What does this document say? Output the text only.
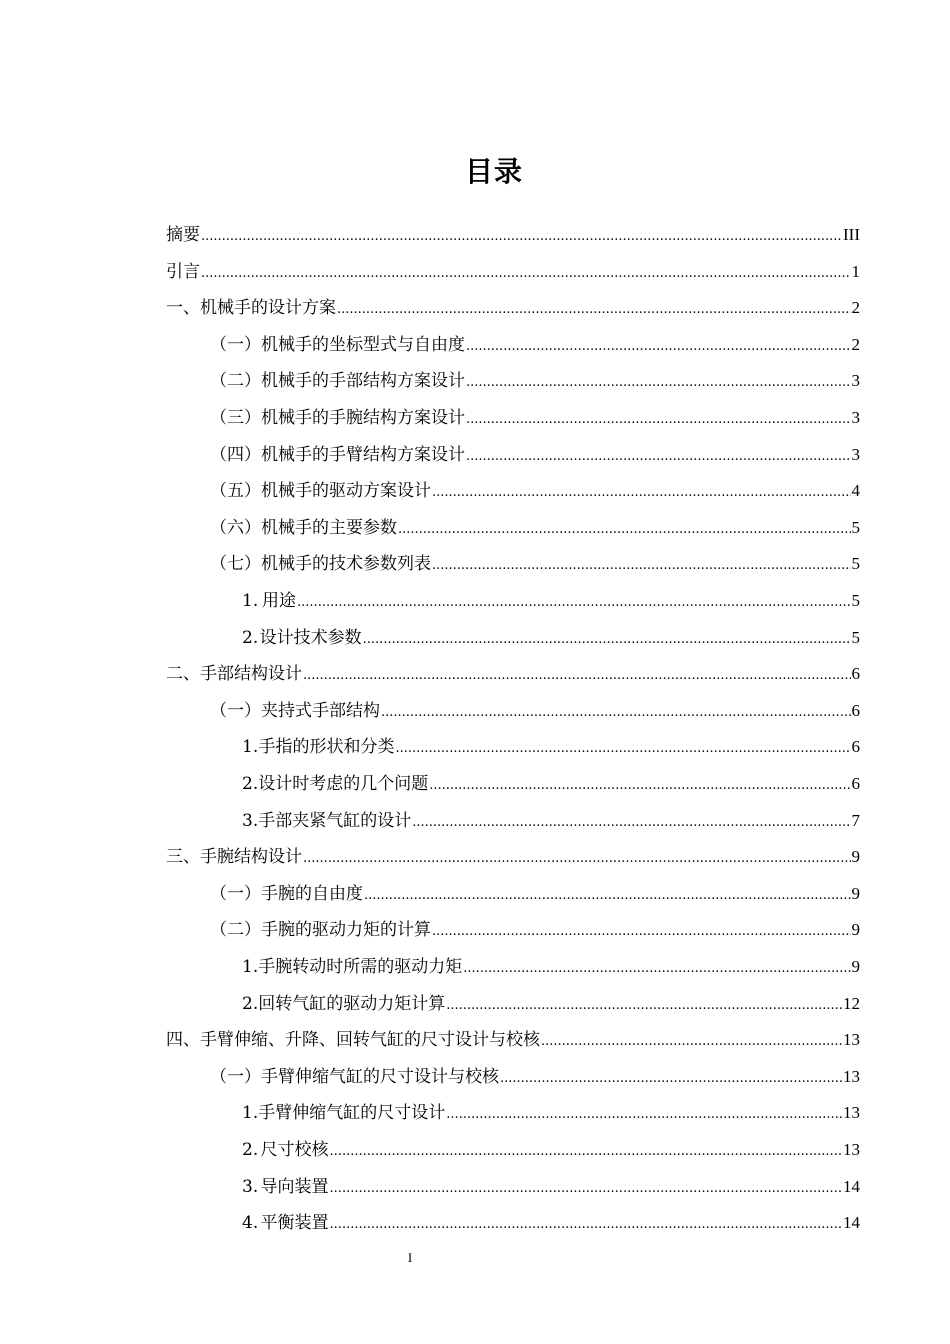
目录
摘要 .....	III
引言 .....	1
一、 机械手的设计方案 .....	2
（一） 机械手的坐标型式与自由度 .....	2
（二） 机械手的手部结构方案设计 .....	3
（三） 机械手的手腕结构方案设计 .....	3
（四） 机械手的手臂结构方案设计 .....	3
（五） 机械手的驱动方案设计 .....	4
（六） 机械手的主要参数 .....	5
（七） 机械手的技术参数列表 .....	5
1. 用途 .....	5
2. 设计技术参数 .....	5
二、 手部结构设计 .....	6
（一） 夹持式手部结构 .....	6
1. 手指的形状和分类 .....	6
2. 设计时考虑的几个问题 .....	6
3. 手部夹紧气缸的设计 .....	7
三、 手腕结构设计 .....	9
（一） 手腕的自由度 .....	9
（二） 手腕的驱动力矩的计算 .....	9
1. 手腕转动时所需的驱动力矩 .....	9
2. 回转气缸的驱动力矩计算 .....	12
四、 手臂伸缩、升降、回转气缸的尺寸设计与校核 .....	13
（一） 手臂伸缩气缸的尺寸设计与校核 .....	13
1. 手臂伸缩气缸的尺寸设计 .....	13
2. 尺寸校核 .....	13
3. 导向装置 .....	14
4. 平衡装置 .....	14
I
